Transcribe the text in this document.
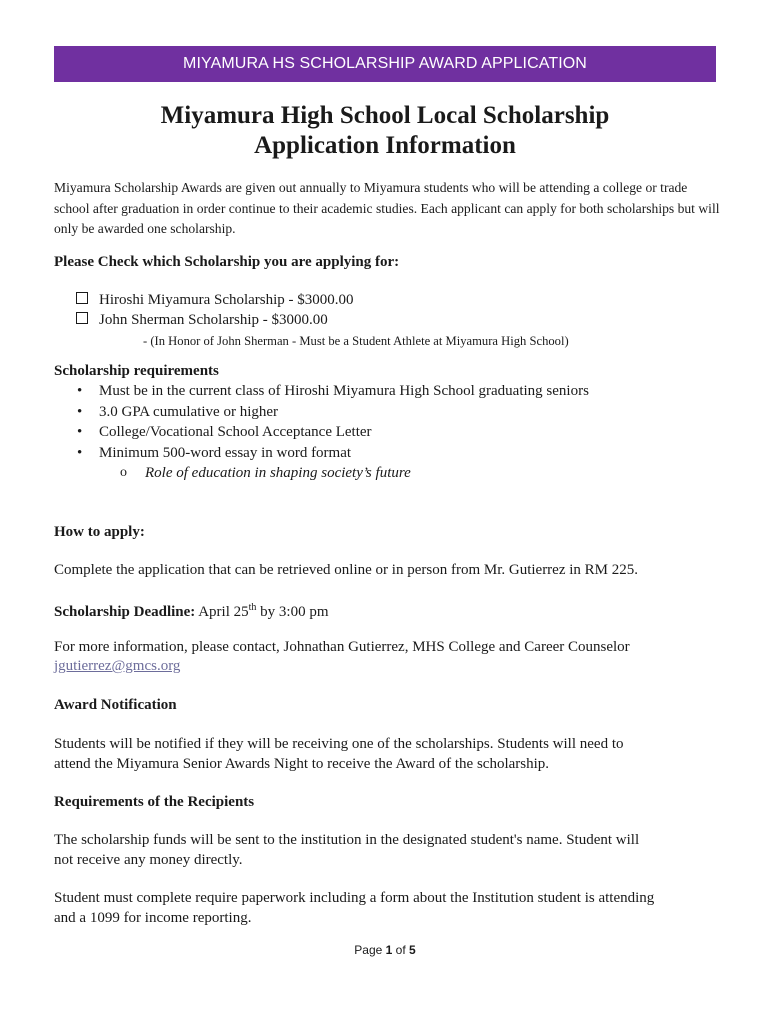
MIYAMURA HS SCHOLARSHIP AWARD APPLICATION
Miyamura High School Local Scholarship
Application Information
Miyamura Scholarship Awards are given out annually to Miyamura students who will be attending a college or trade school after graduation in order continue to their academic studies. Each applicant can apply for both scholarships but will only be awarded one scholarship.
Please Check which Scholarship you are applying for:
Hiroshi Miyamura Scholarship - $3000.00
John Sherman Scholarship - $3000.00
- (In Honor of John Sherman - Must be a Student Athlete at Miyamura High School)
Scholarship requirements
• Must be in the current class of Hiroshi Miyamura High School graduating seniors
• 3.0 GPA cumulative or higher
• College/Vocational School Acceptance Letter
• Minimum 500-word essay in word format
o Role of education in shaping society’s future
How to apply:
Complete the application that can be retrieved online or in person from Mr. Gutierrez in RM 225.
Scholarship Deadline: April 25th by 3:00 pm
For more information, please contact, Johnathan Gutierrez, MHS College and Career Counselor
jgutierrez@gmcs.org
Award Notification
Students will be notified if they will be receiving one of the scholarships. Students will need to
attend the Miyamura Senior Awards Night to receive the Award of the scholarship.
Requirements of the Recipients
The scholarship funds will be sent to the institution in the designated student's name. Student will
not receive any money directly.
Student must complete require paperwork including a form about the Institution student is attending
and a 1099 for income reporting.
Page 1 of 5
